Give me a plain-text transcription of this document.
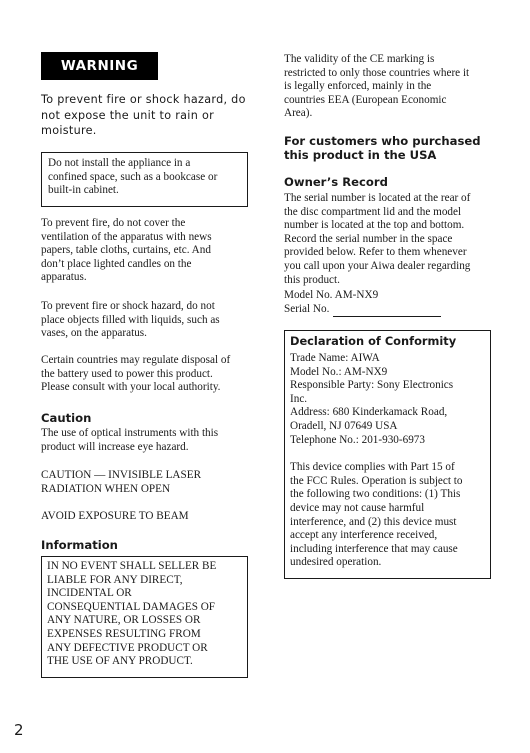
WARNING
To prevent fire or shock hazard, do not expose the unit to rain or moisture.

Do not install the appliance in a
confined space, such as a bookcase or
built-in cabinet.

To prevent fire, do not cover the
ventilation of the apparatus with news
papers, table cloths, curtains, etc. And
don’t place lighted candles on the
apparatus.

To prevent fire or shock hazard, do not
place objects filled with liquids, such as
vases, on the apparatus.

Certain countries may regulate disposal of
the battery used to power this product.
Please consult with your local authority.

Caution

The use of optical instruments with this
product will increase eye hazard.

CAUTION — INVISIBLE LASER
RADIATION WHEN OPEN

AVOID EXPOSURE TO BEAM

Information

IN NO EVENT SHALL SELLER BE
LIABLE FOR ANY DIRECT,
INCIDENTAL OR
CONSEQUENTIAL DAMAGES OF
ANY NATURE, OR LOSSES OR
EXPENSES RESULTING FROM
ANY DEFECTIVE PRODUCT OR
THE USE OF ANY PRODUCT.

The validity of the CE marking is
restricted to only those countries where it
is legally enforced, mainly in the
countries EEA (European Economic
Area).

For customers who purchased
this product in the USA

Owner’s Record

The serial number is located at the rear of
the disc compartment lid and the model
number is located at the top and bottom.
Record the serial number in the space
provided below. Refer to them whenever
you call upon your Aiwa dealer regarding
this product.

Model No. AM-NX9
Serial No.
Declaration of Conformity

Trade Name: AIWA
Model No.: AM-NX9
Responsible Party: Sony Electronics
Inc.
Address: 680 Kinderkamack Road,
Oradell, NJ 07649 USA
Telephone No.: 201-930-6973

This device complies with Part 15 of
the FCC Rules. Operation is subject to
the following two conditions: (1) This
device may not cause harmful
interference, and (2) this device must
accept any interference received,
including interference that may cause
undesired operation.

2
